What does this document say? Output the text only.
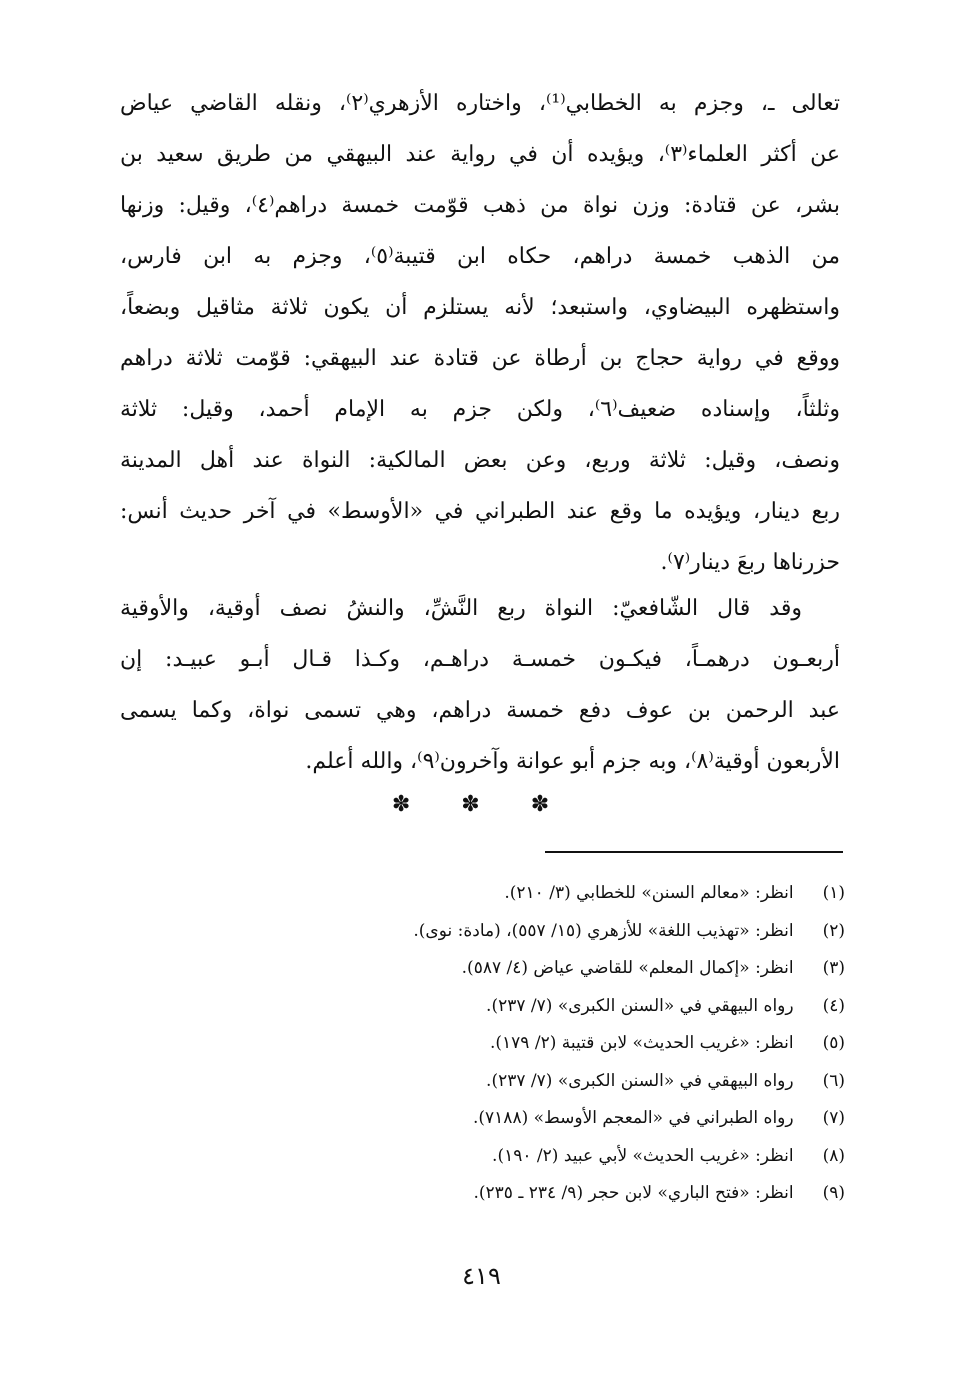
تعالى ـ، وجزم به الخطابي⁽¹⁾، واختاره الأزهري⁽٢⁾، ونقله القاضي عياض
عن أكثر العلماء⁽٣⁾، ويؤيده أن في رواية عند البيهقي من طريق سعيد بن
بشر، عن قتادة: وزن نواة من ذهب قوّمت خمسة دراهم⁽٤⁾، وقيل: وزنها
من الذهب خمسة دراهم، حكاه ابن قتيبة⁽٥⁾، وجزم به ابن فارس،
واستظهره البيضاوي، واستبعد؛ لأنه يستلزم أن يكون ثلاثة مثاقيل وبضعاً،
ووقع في رواية حجاج بن أرطاة عن قتادة عند البيهقي: قوّمت ثلاثة دراهم
وثلثاً، وإسناده ضعيف⁽٦⁾، ولكن جزم به الإمام أحمد، وقيل: ثلاثة
ونصف، وقيل: ثلاثة وربع، وعن بعض المالكية: النواة عند أهل المدينة
ربع دينار، ويؤيده ما وقع عند الطبراني في «الأوسط» في آخر حديث أنس:
حزرناها ربعَ دينار⁽٧⁾.
وقد قال الشّافعيّ: النواة ربع النَّشِّ، والنشُ نصف أوقية، والأوقية
أربعـون درهمـاً، فيكـون خمسـة دراهـم، وكـذا قـال أبـو عبيـد: إن
عبد الرحمن بن عوف دفع خمسة دراهم، وهي تسمى نواة، وكما يسمى
الأربعون أوقية⁽٨⁾، وبه جزم أبو عوانة وآخرون⁽٩⁾، والله أعلم.
✽ ✽ ✽
(١) انظر: «معالم السنن» للخطابي (٣/ ٢١٠).
(٢) انظر: «تهذيب اللغة» للأزهري (١٥/ ٥٥٧)، (مادة: نوى).
(٣) انظر: «إكمال المعلم» للقاضي عياض (٤/ ٥٨٧).
(٤) رواه البيهقي في «السنن الكبرى» (٧/ ٢٣٧).
(٥) انظر: «غريب الحديث» لابن قتيبة (٢/ ١٧٩).
(٦) رواه البيهقي في «السنن الكبرى» (٧/ ٢٣٧).
(٧) رواه الطبراني في «المعجم الأوسط» (٧١٨٨).
(٨) انظر: «غريب الحديث» لأبي عبيد (٢/ ١٩٠).
(٩) انظر: «فتح الباري» لابن حجر (٩/ ٢٣٤ ـ ٢٣٥).
٤١٩
